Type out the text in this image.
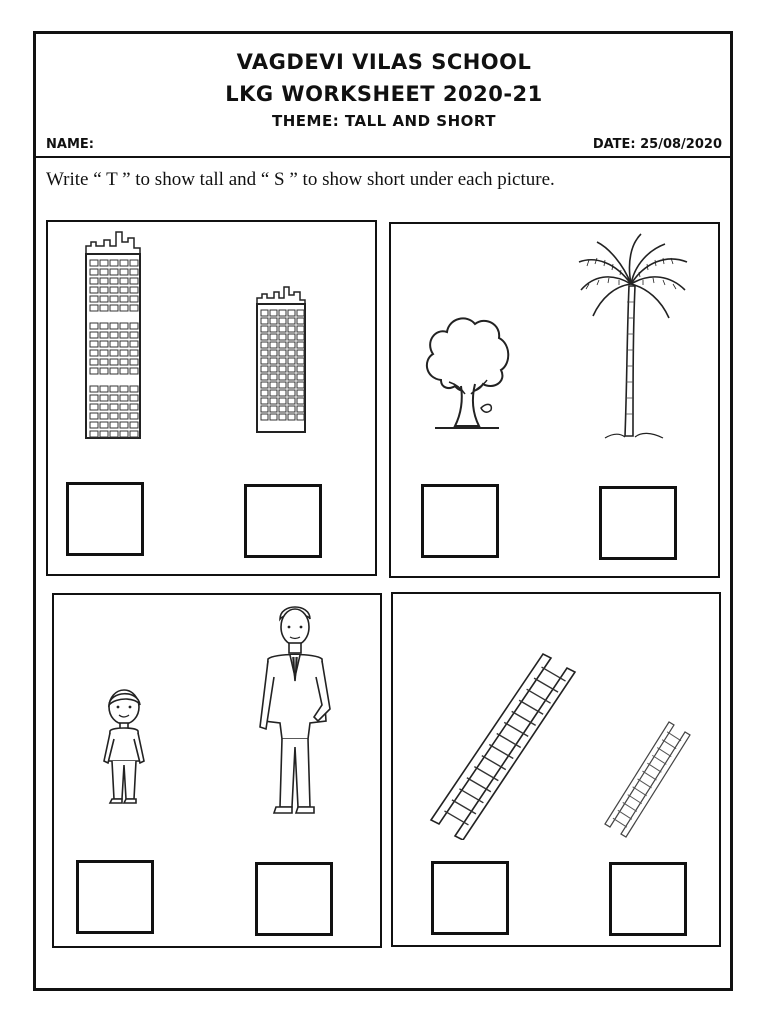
VAGDEVI VILAS SCHOOL
LKG WORKSHEET 2020-21
THEME: TALL AND SHORT
NAME:	DATE: 25/08/2020
Write “ T ” to show tall and “ S ” to show short under each picture.
